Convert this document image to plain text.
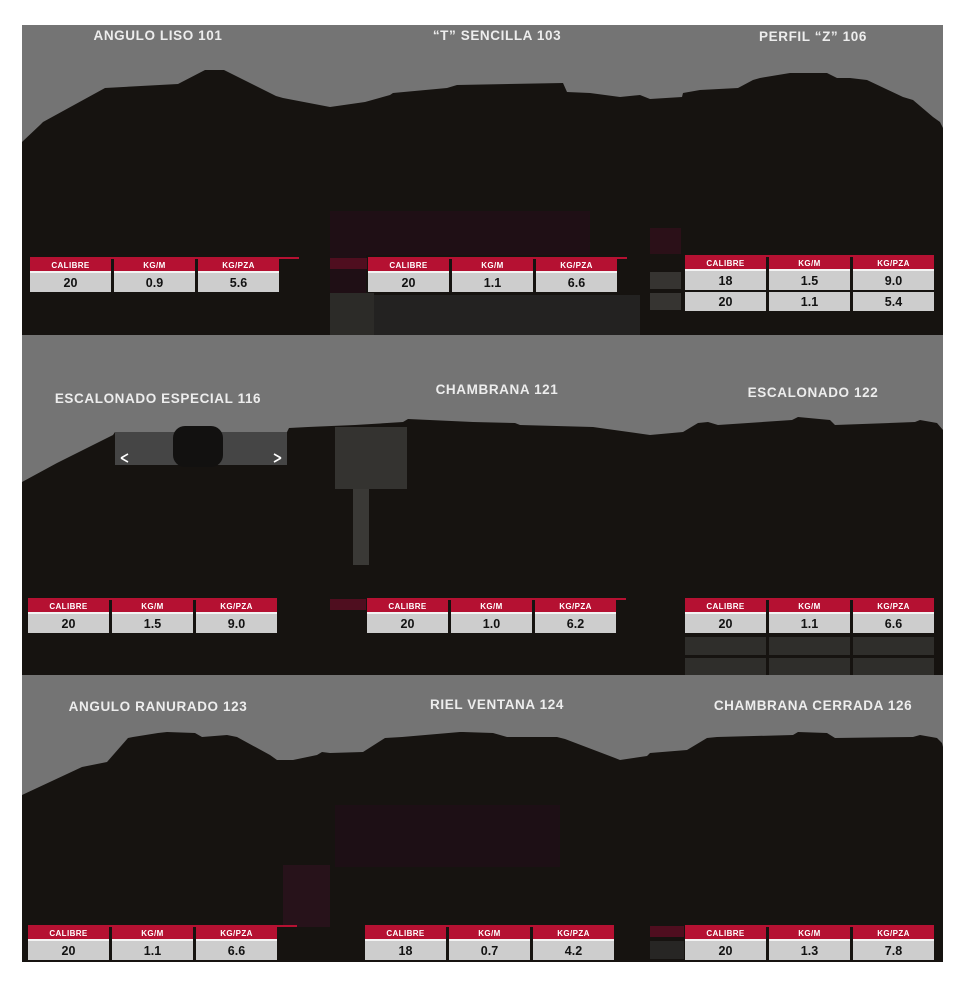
ANGULO LISO 101	“T” SENCILLA 103	PERFIL “Z” 106
ESCALONADO ESPECIAL 116
CHAMBRANA 121	ESCALONADO 122
ANGULO RANURADO 123	RIEL VENTANA 124	CHAMBRANA CERRADA 126
CALIBRE	KG/M	KG/PZA
20	0.9	5.6
CALIBRE	KG/M	KG/PZA
20	1.1	6.6
CALIBRE	KG/M	KG/PZA
18	1.5	9.0
20	1.1	5.4
CALIBRE	KG/M	KG/PZA
20	1.5	9.0
CALIBRE	KG/M	KG/PZA
20	1.0	6.2
CALIBRE	KG/M	KG/PZA
20	1.1	6.6
CALIBRE	KG/M	KG/PZA
20	1.1	6.6
CALIBRE	KG/M	KG/PZA
18	0.7	4.2
CALIBRE	KG/M	KG/PZA
20	1.3	7.8
